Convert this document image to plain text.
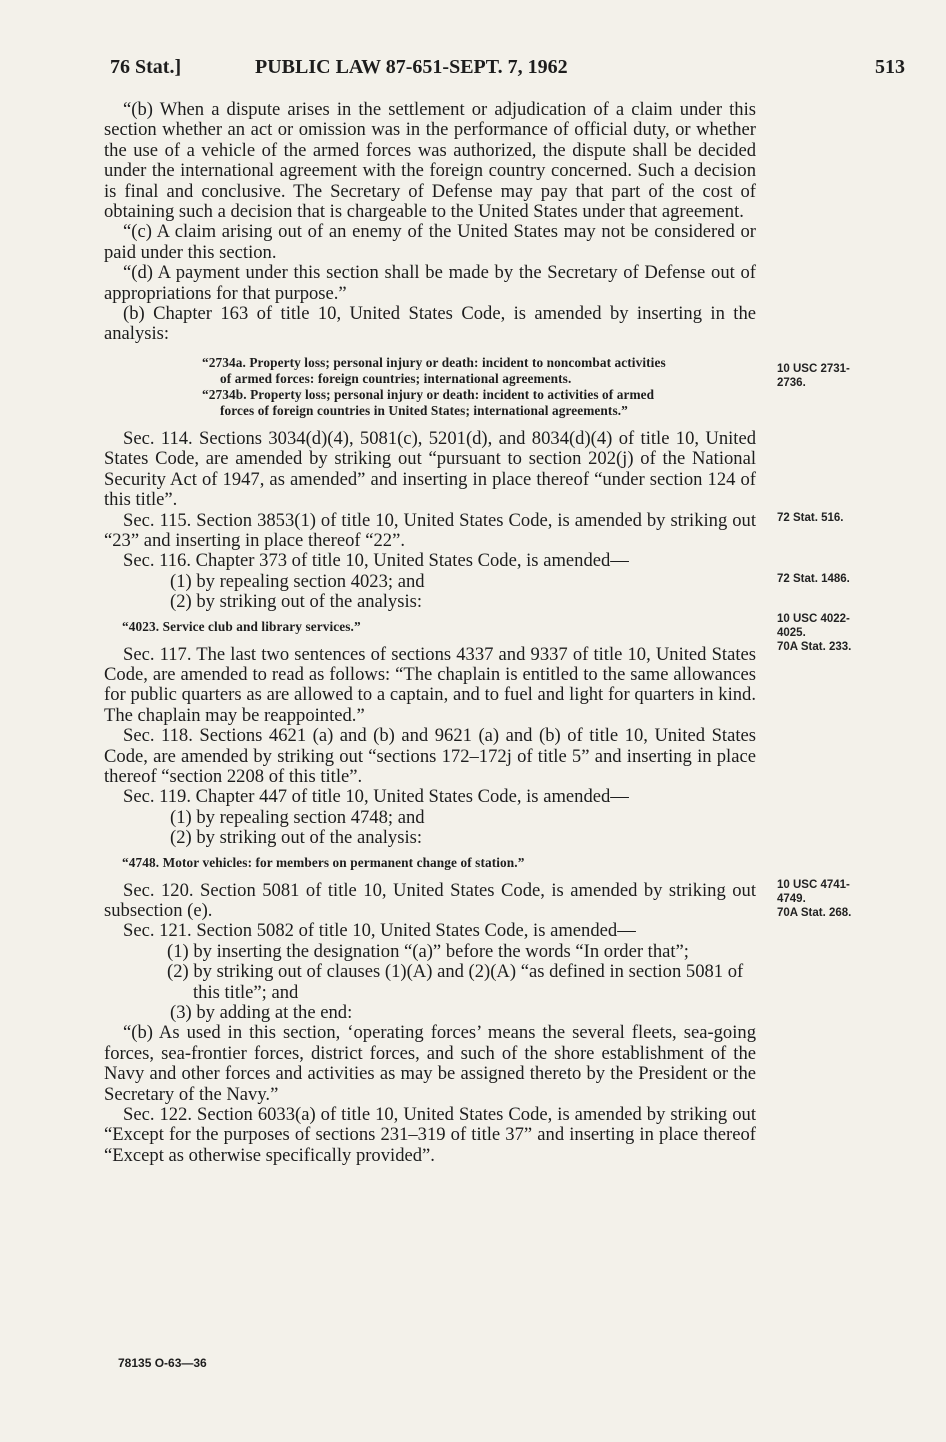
76 Stat.]	PUBLIC LAW 87-651-SEPT. 7, 1962	513

“(b) When a dispute arises in the settlement or adjudication of a claim under this section whether an act or omission was in the performance of official duty, or whether the use of a vehicle of the armed forces was authorized, the dispute shall be decided under the international agreement with the foreign country concerned. Such a decision is final and conclusive. The Secretary of Defense may pay that part of the cost of obtaining such a decision that is chargeable to the United States under that agreement.

“(c) A claim arising out of an enemy of the United States may not be considered or paid under this section.

“(d) A payment under this section shall be made by the Secretary of Defense out of appropriations for that purpose.”

(b) Chapter 163 of title 10, United States Code, is amended by inserting in the analysis:

“2734a. Property loss; personal injury or death: incident to noncombat activities
of armed forces: foreign countries; international agreements.

“2734b. Property loss; personal injury or death: incident to activities of armed
forces of foreign countries in United States; international agreements.”

Sec. 114. Sections 3034(d)(4), 5081(c), 5201(d), and 8034(d)(4) of title 10, United States Code, are amended by striking out “pursuant to section 202(j) of the National Security Act of 1947, as amended” and inserting in place thereof “under section 124 of this title”.

Sec. 115. Section 3853(1) of title 10, United States Code, is amended by striking out “23” and inserting in place thereof “22”.

Sec. 116. Chapter 373 of title 10, United States Code, is amended—

(1) by repealing section 4023; and

(2) by striking out of the analysis:

“4023. Service club and library services.”

Sec. 117. The last two sentences of sections 4337 and 9337 of title 10, United States Code, are amended to read as follows: “The chaplain is entitled to the same allowances for public quarters as are allowed to a captain, and to fuel and light for quarters in kind. The chaplain may be reappointed.”

Sec. 118. Sections 4621 (a) and (b) and 9621 (a) and (b) of title 10, United States Code, are amended by striking out “sections 172–172j of title 5” and inserting in place thereof “section 2208 of this title”.

Sec. 119. Chapter 447 of title 10, United States Code, is amended—

(1) by repealing section 4748; and

(2) by striking out of the analysis:

“4748. Motor vehicles: for members on permanent change of station.”

Sec. 120. Section 5081 of title 10, United States Code, is amended by striking out subsection (e).

Sec. 121. Section 5082 of title 10, United States Code, is amended—

(1) by inserting the designation “(a)” before the words “In order that”;

(2) by striking out of clauses (1)(A) and (2)(A) “as defined in section 5081 of this title”; and

(3) by adding at the end:

“(b) As used in this section, ‘operating forces’ means the several fleets, sea-going forces, sea-frontier forces, district forces, and such of the shore establishment of the Navy and other forces and activities as may be assigned thereto by the President or the Secretary of the Navy.”

Sec. 122. Section 6033(a) of title 10, United States Code, is amended by striking out “Except for the purposes of sections 231–319 of title 37” and inserting in place thereof “Except as otherwise specifically provided”.

10 USC 2731-
2736.
72 Stat. 516.
72 Stat. 1486.
10 USC 4022-
4025.
70A Stat. 233.
10 USC 4741-
4749.
70A Stat. 268.
78135 O-63—36
